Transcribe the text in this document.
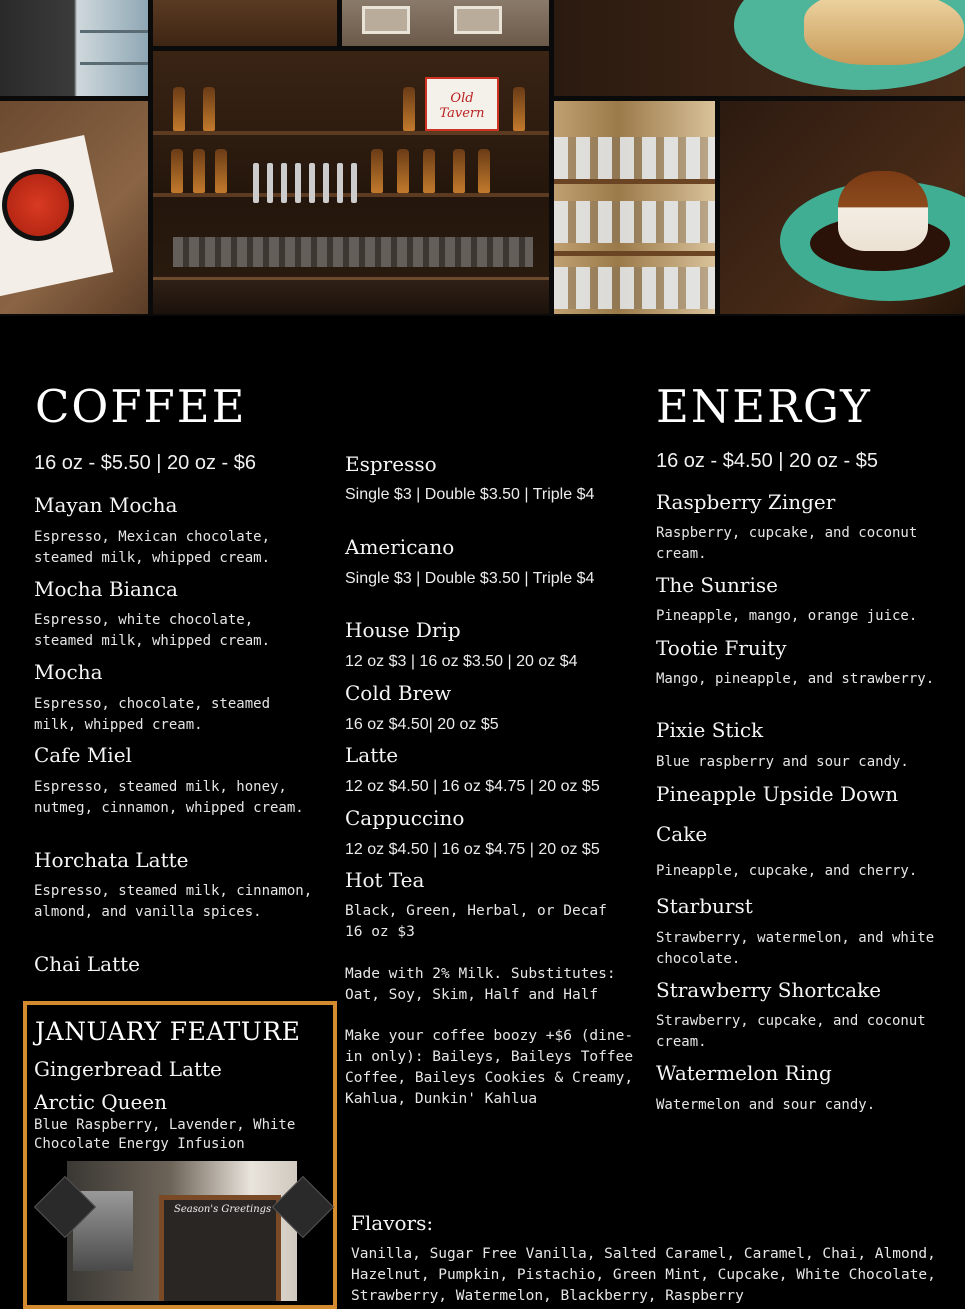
Old Tavern
COFFEE
16 oz - $5.50 | 20 oz - $6
Mayan Mocha
Espresso, Mexican chocolate, steamed milk, whipped cream.
Mocha Bianca
Espresso, white chocolate, steamed milk, whipped cream.
Mocha
Espresso, chocolate, steamed milk, whipped cream.
Cafe Miel
Espresso, steamed milk, honey, nutmeg, cinnamon, whipped cream.
Horchata Latte
Espresso, steamed milk, cinnamon, almond, and vanilla spices.
Chai Latte
JANUARY FEATURE
Gingerbread Latte
Arctic Queen
Blue Raspberry, Lavender, White Chocolate Energy Infusion
Season's Greetings
Espresso
Single $3 | Double $3.50 | Triple $4
Americano
Single $3 | Double $3.50 | Triple $4
House Drip
12 oz $3 | 16 oz $3.50 | 20 oz $4
Cold Brew
16 oz $4.50| 20 oz $5
Latte
12 oz $4.50 | 16 oz $4.75 | 20 oz $5
Cappuccino
12 oz $4.50 | 16 oz $4.75 | 20 oz $5
Hot Tea
Black, Green, Herbal, or Decaf 16 oz $3
Made with 2% Milk. Substitutes: Oat, Soy, Skim, Half and Half
Make your coffee boozy +$6 (dine-in only): Baileys, Baileys Toffee Coffee, Baileys Cookies & Creamy, Kahlua, Dunkin' Kahlua
ENERGY
16 oz - $4.50 | 20 oz - $5
Raspberry Zinger
Raspberry, cupcake, and coconut cream.
The Sunrise
Pineapple, mango, orange juice.
Tootie Fruity
Mango, pineapple, and strawberry.
Pixie Stick
Blue raspberry and sour candy.
Pineapple Upside Down
Cake
Pineapple, cupcake, and cherry.
Starburst
Strawberry, watermelon, and white chocolate.
Strawberry Shortcake
Strawberry, cupcake, and coconut cream.
Watermelon Ring
Watermelon and sour candy.
Flavors:
Vanilla, Sugar Free Vanilla, Salted Caramel, Caramel, Chai, Almond, Hazelnut, Pumpkin, Pistachio, Green Mint, Cupcake, White Chocolate, Strawberry, Watermelon, Blackberry, Raspberry
